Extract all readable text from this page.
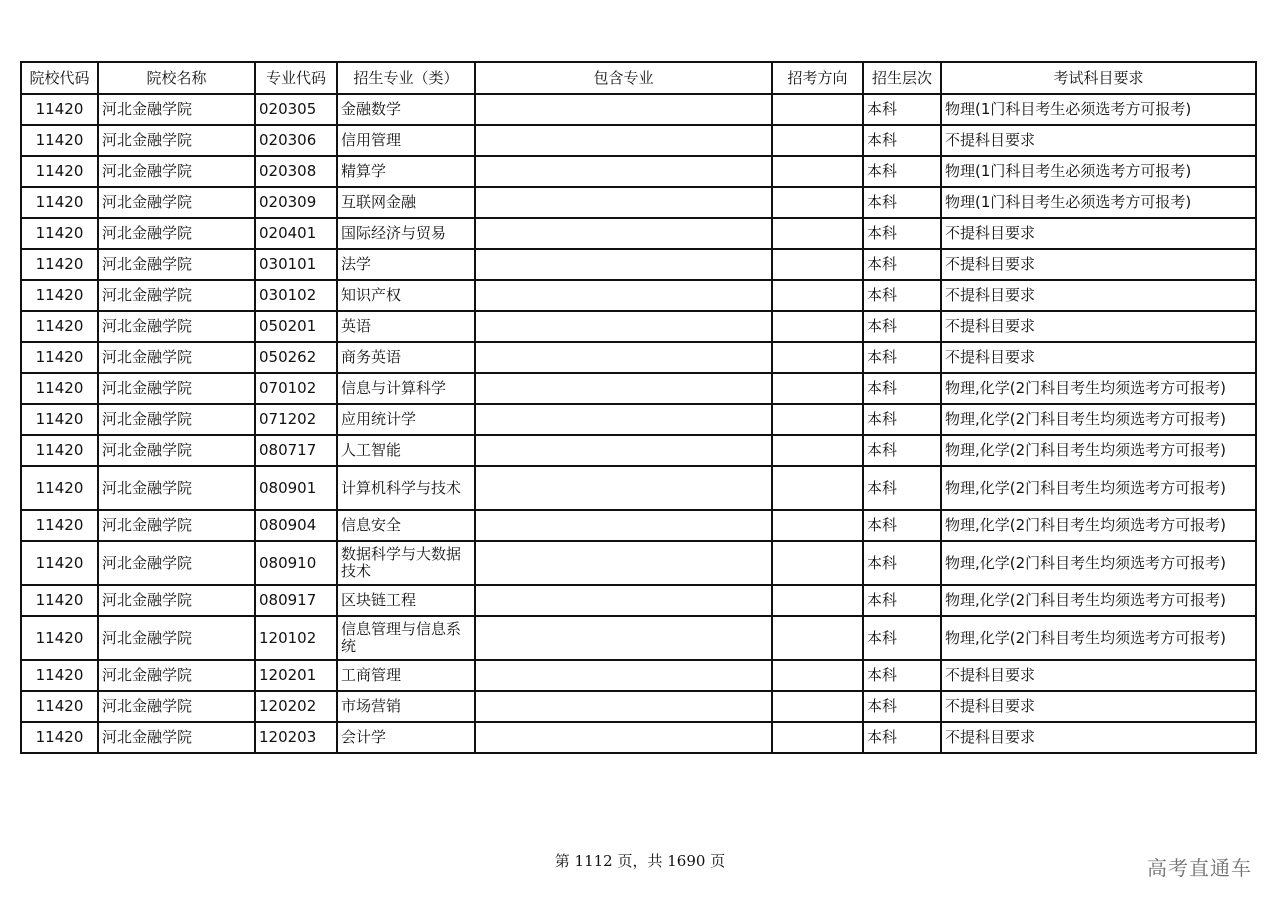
院校代码	院校名称	专业代码	招生专业（类）	包含专业	招考方向	招生层次	考试科目要求
11420	河北金融学院	020305	金融数学			本科	物理(1门科目考生必须选考方可报考)
11420	河北金融学院	020306	信用管理			本科	不提科目要求
11420	河北金融学院	020308	精算学			本科	物理(1门科目考生必须选考方可报考)
11420	河北金融学院	020309	互联网金融			本科	物理(1门科目考生必须选考方可报考)
11420	河北金融学院	020401	国际经济与贸易			本科	不提科目要求
11420	河北金融学院	030101	法学			本科	不提科目要求
11420	河北金融学院	030102	知识产权			本科	不提科目要求
11420	河北金融学院	050201	英语			本科	不提科目要求
11420	河北金融学院	050262	商务英语			本科	不提科目要求
11420	河北金融学院	070102	信息与计算科学			本科	物理,化学(2门科目考生均须选考方可报考)
11420	河北金融学院	071202	应用统计学			本科	物理,化学(2门科目考生均须选考方可报考)
11420	河北金融学院	080717	人工智能			本科	物理,化学(2门科目考生均须选考方可报考)
11420	河北金融学院	080901	计算机科学与技术			本科	物理,化学(2门科目考生均须选考方可报考)
11420	河北金融学院	080904	信息安全			本科	物理,化学(2门科目考生均须选考方可报考)
11420	河北金融学院	080910	数据科学与大数据技术			本科	物理,化学(2门科目考生均须选考方可报考)
11420	河北金融学院	080917	区块链工程			本科	物理,化学(2门科目考生均须选考方可报考)
11420	河北金融学院	120102	信息管理与信息系统			本科	物理,化学(2门科目考生均须选考方可报考)
11420	河北金融学院	120201	工商管理			本科	不提科目要求
11420	河北金融学院	120202	市场营销			本科	不提科目要求
11420	河北金融学院	120203	会计学			本科	不提科目要求
第 1112 页，共 1690 页	高考直通车
